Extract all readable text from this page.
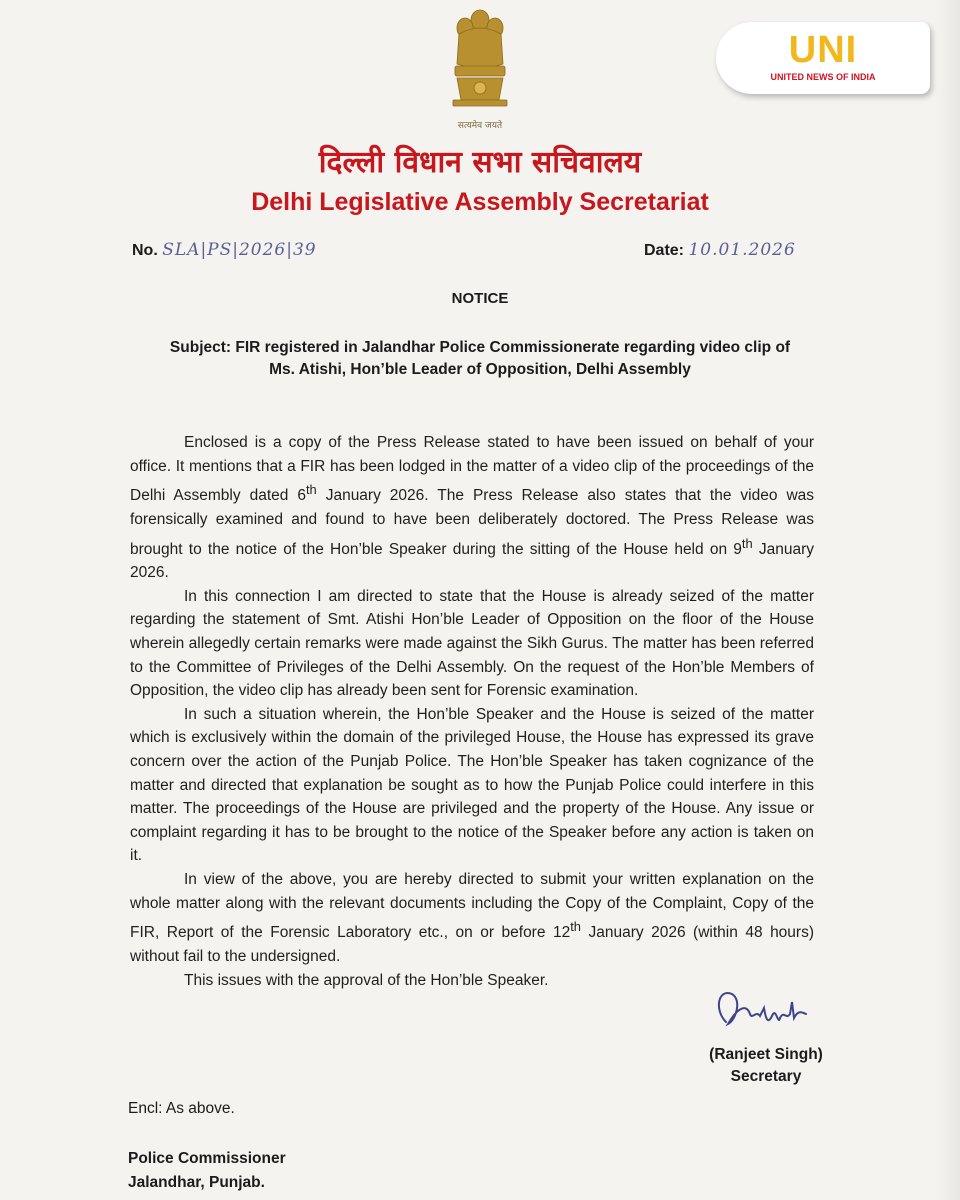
सत्यमेव जयते
UNI
UNITED NEWS OF INDIA
दिल्ली विधान सभा सचिवालय
Delhi Legislative Assembly Secretariat
No. SLA|PS|2026|39	Date: 10.01.2026
NOTICE
Subject: FIR registered in Jalandhar Police Commissionerate regarding video clip of
Ms. Atishi, Hon’ble Leader of Opposition, Delhi Assembly

Enclosed is a copy of the Press Release stated to have been issued on behalf of your office. It mentions that a FIR has been lodged in the matter of a video clip of the proceedings of the Delhi Assembly dated 6th January 2026. The Press Release also states that the video was forensically examined and found to have been deliberately doctored. The Press Release was brought to the notice of the Hon’ble Speaker during the sitting of the House held on 9th January 2026.

In this connection I am directed to state that the House is already seized of the matter regarding the statement of Smt. Atishi Hon’ble Leader of Opposition on the floor of the House wherein allegedly certain remarks were made against the Sikh Gurus. The matter has been referred to the Committee of Privileges of the Delhi Assembly. On the request of the Hon’ble Members of Opposition, the video clip has already been sent for Forensic examination.

In such a situation wherein, the Hon’ble Speaker and the House is seized of the matter which is exclusively within the domain of the privileged House, the House has expressed its grave concern over the action of the Punjab Police. The Hon’ble Speaker has taken cognizance of the matter and directed that explanation be sought as to how the Punjab Police could interfere in this matter. The proceedings of the House are privileged and the property of the House. Any issue or complaint regarding it has to be brought to the notice of the Speaker before any action is taken on it.

In view of the above, you are hereby directed to submit your written explanation on the whole matter along with the relevant documents including the Copy of the Complaint, Copy of the FIR, Report of the Forensic Laboratory etc., on or before 12th January 2026 (within 48 hours) without fail to the undersigned.

This issues with the approval of the Hon’ble Speaker.

(Ranjeet Singh)
Secretary
Encl: As above.
Police Commissioner
Jalandhar, Punjab.
